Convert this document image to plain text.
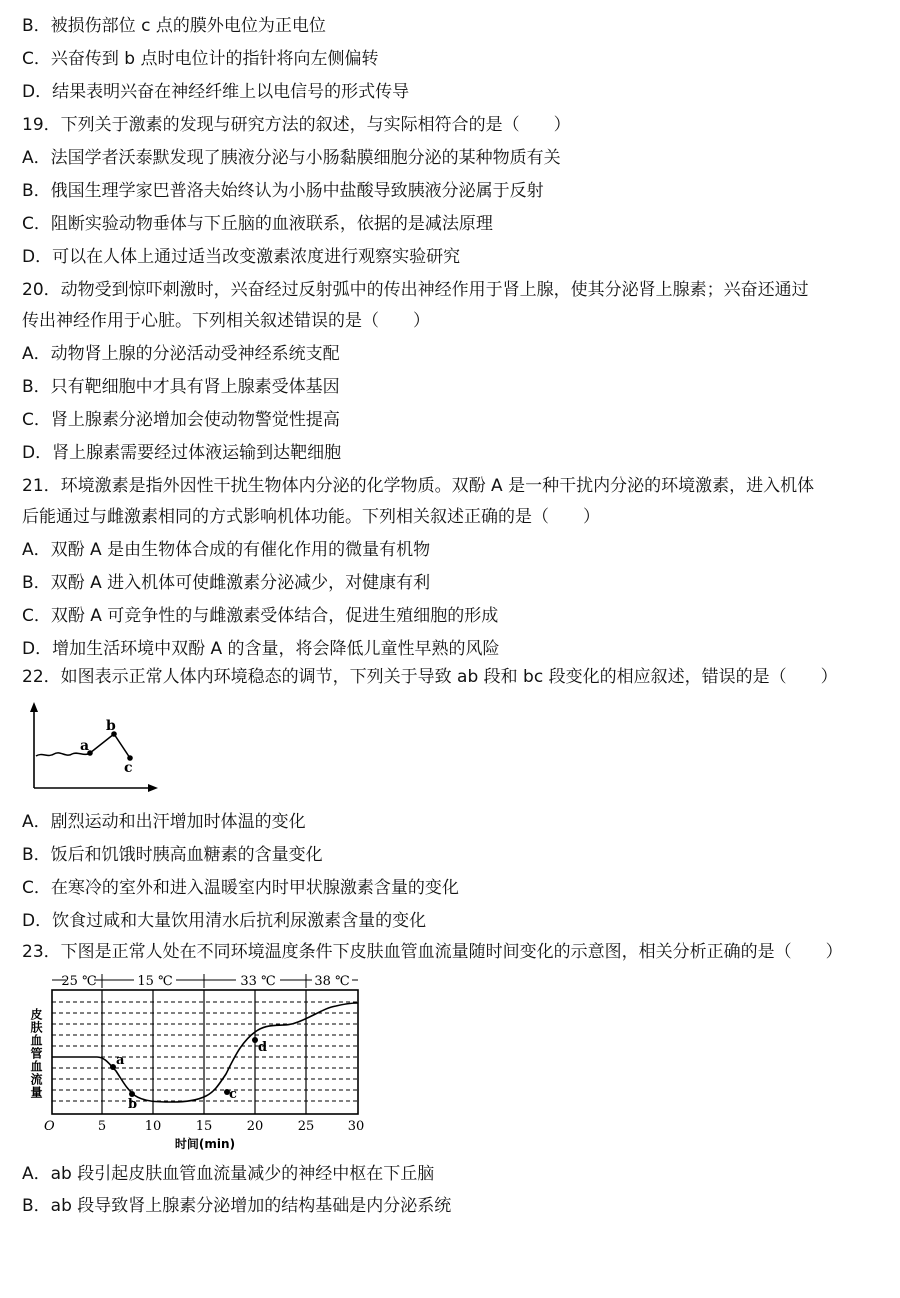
B．被损伤部位 c 点的膜外电位为正电位
C．兴奋传到 b 点时电位计的指针将向左侧偏转
D．结果表明兴奋在神经纤维上以电信号的形式传导
19．下列关于激素的发现与研究方法的叙述，与实际相符合的是（　　）
A．法国学者沃泰默发现了胰液分泌与小肠黏膜细胞分泌的某种物质有关
B．俄国生理学家巴普洛夫始终认为小肠中盐酸导致胰液分泌属于反射
C．阻断实验动物垂体与下丘脑的血液联系，依据的是减法原理
D．可以在人体上通过适当改变激素浓度进行观察实验研究
20．动物受到惊吓刺激时，兴奋经过反射弧中的传出神经作用于肾上腺，使其分泌肾上腺素；兴奋还通过
传出神经作用于心脏。下列相关叙述错误的是（　　）
A．动物肾上腺的分泌活动受神经系统支配
B．只有靶细胞中才具有肾上腺素受体基因
C．肾上腺素分泌增加会使动物警觉性提高
D．肾上腺素需要经过体液运输到达靶细胞
21．环境激素是指外因性干扰生物体内分泌的化学物质。双酚 A 是一种干扰内分泌的环境激素，进入机体
后能通过与雌激素相同的方式影响机体功能。下列相关叙述正确的是（　　）
A．双酚 A 是由生物体合成的有催化作用的微量有机物
B．双酚 A 进入机体可使雌激素分泌减少，对健康有利
C．双酚 A 可竞争性的与雌激素受体结合，促进生殖细胞的形成
D．增加生活环境中双酚 A 的含量，将会降低儿童性早熟的风险
22．如图表示正常人体内环境稳态的调节，下列关于导致 ab 段和 bc 段变化的相应叙述，错误的是（　　）
A．剧烈运动和出汗增加时体温的变化
B．饭后和饥饿时胰高血糖素的含量变化
C．在寒冷的室外和进入温暖室内时甲状腺激素含量的变化
D．饮食过咸和大量饮用清水后抗利尿激素含量的变化
23．下图是正常人处在不同环境温度条件下皮肤血管血流量随时间变化的示意图，相关分析正确的是（　　）
A．ab 段引起皮肤血管血流量减少的神经中枢在下丘脑
B．ab 段导致肾上腺素分泌增加的结构基础是内分泌系统
a
b
c
25 ℃	15 ℃	33 ℃	38 ℃
a
b
c
d
皮肤血管血流量
O	5	10	15	20	25	30
时间(min)
